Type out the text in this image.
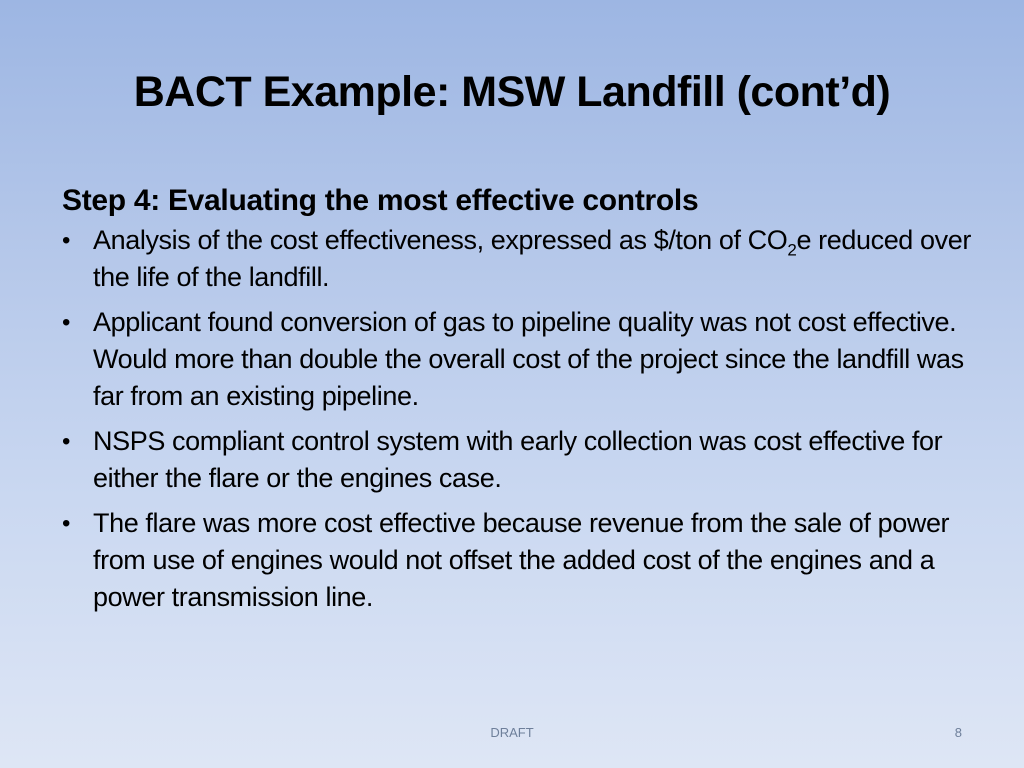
BACT Example: MSW Landfill (cont’d)
Step 4: Evaluating the most effective controls
• Analysis of the cost effectiveness, expressed as $/ton of $CO_2e$ reduced over the life of the landfill.
• Applicant found conversion of gas to pipeline quality was not cost effective. Would more than double the overall cost of the project since the landfill was far from an existing pipeline.
• NSPS compliant control system with early collection was cost effective for either the flare or the engines case.
• The flare was more cost effective because revenue from the sale of power from use of engines would not offset the added cost of the engines and a power transmission line.
DRAFT	8
